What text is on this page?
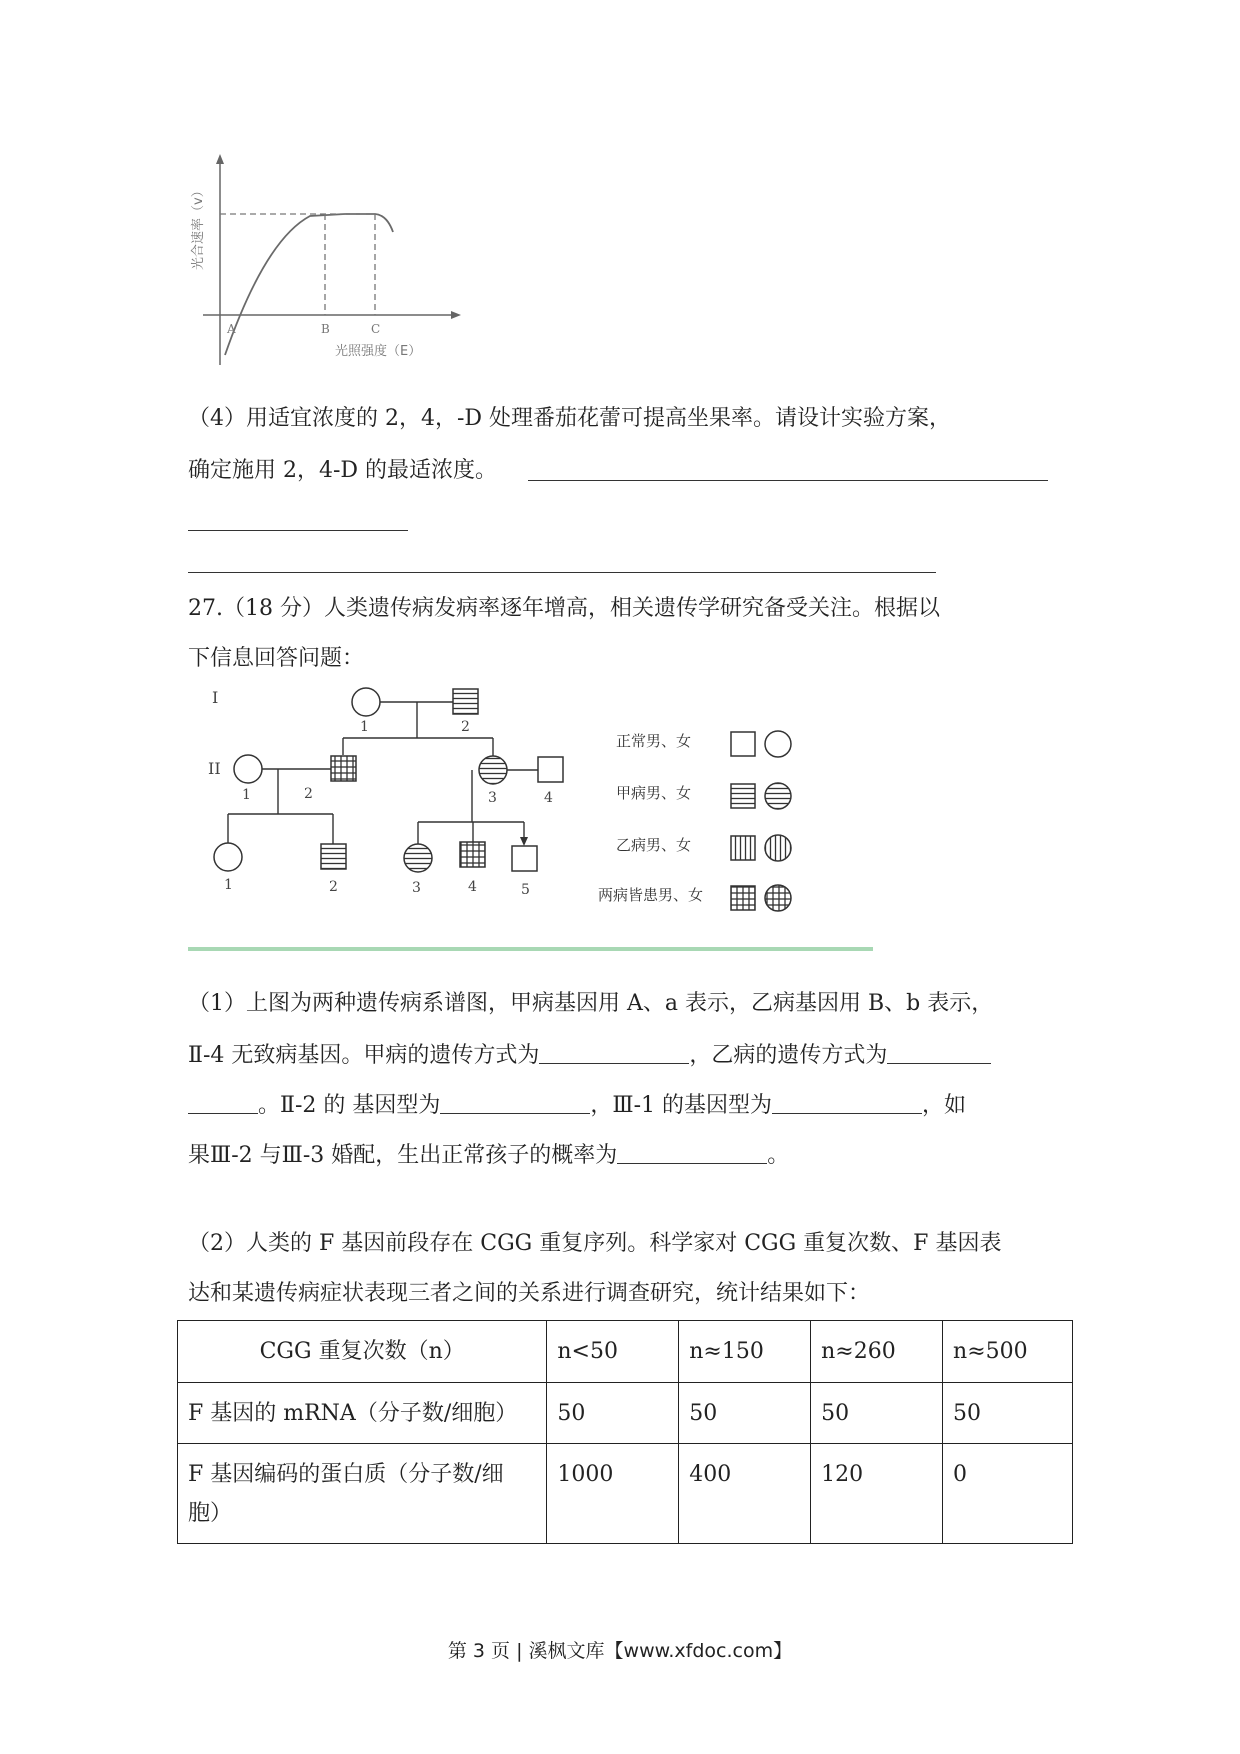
A	B	C
光照强度（E）
光合速率（v）
（4）用适宜浓度的 2，4，-D 处理番茄花蕾可提高坐果率。请设计实验方案，
确定施用 2，4-D 的最适浓度。
27.（18 分）人类遗传病发病率逐年增高，相关遗传学研究备受关注。根据以
下信息回答问题：
I
II
1	2
1	2	3	4
1	2	3	4	5
正常男、女
甲病男、女
乙病男、女
两病皆患男、女
（1）上图为两种遗传病系谱图，甲病基因用 A、a 表示，乙病基因用 B、b 表示，
Ⅱ-4 无致病基因。甲病的遗传方式为	，乙病的遗传方式为
。Ⅱ-2 的 基因型为	，Ⅲ-1 的基因型为	，如
果Ⅲ-2 与Ⅲ-3 婚配，生出正常孩子的概率为	。
（2）人类的 F 基因前段存在 CGG 重复序列。科学家对 CGG 重复次数、F 基因表
达和某遗传病症状表现三者之间的关系进行调查研究，统计结果如下：
CGG 重复次数（n）	n<50	n≈150	n≈260	n≈500
F 基因的 mRNA（分子数/细胞）	50	50	50	50
F 基因编码的蛋白质（分子数/细胞）	1000	400	120	0
第 3 页 | 溪枫文库【www.xfdoc.com】
